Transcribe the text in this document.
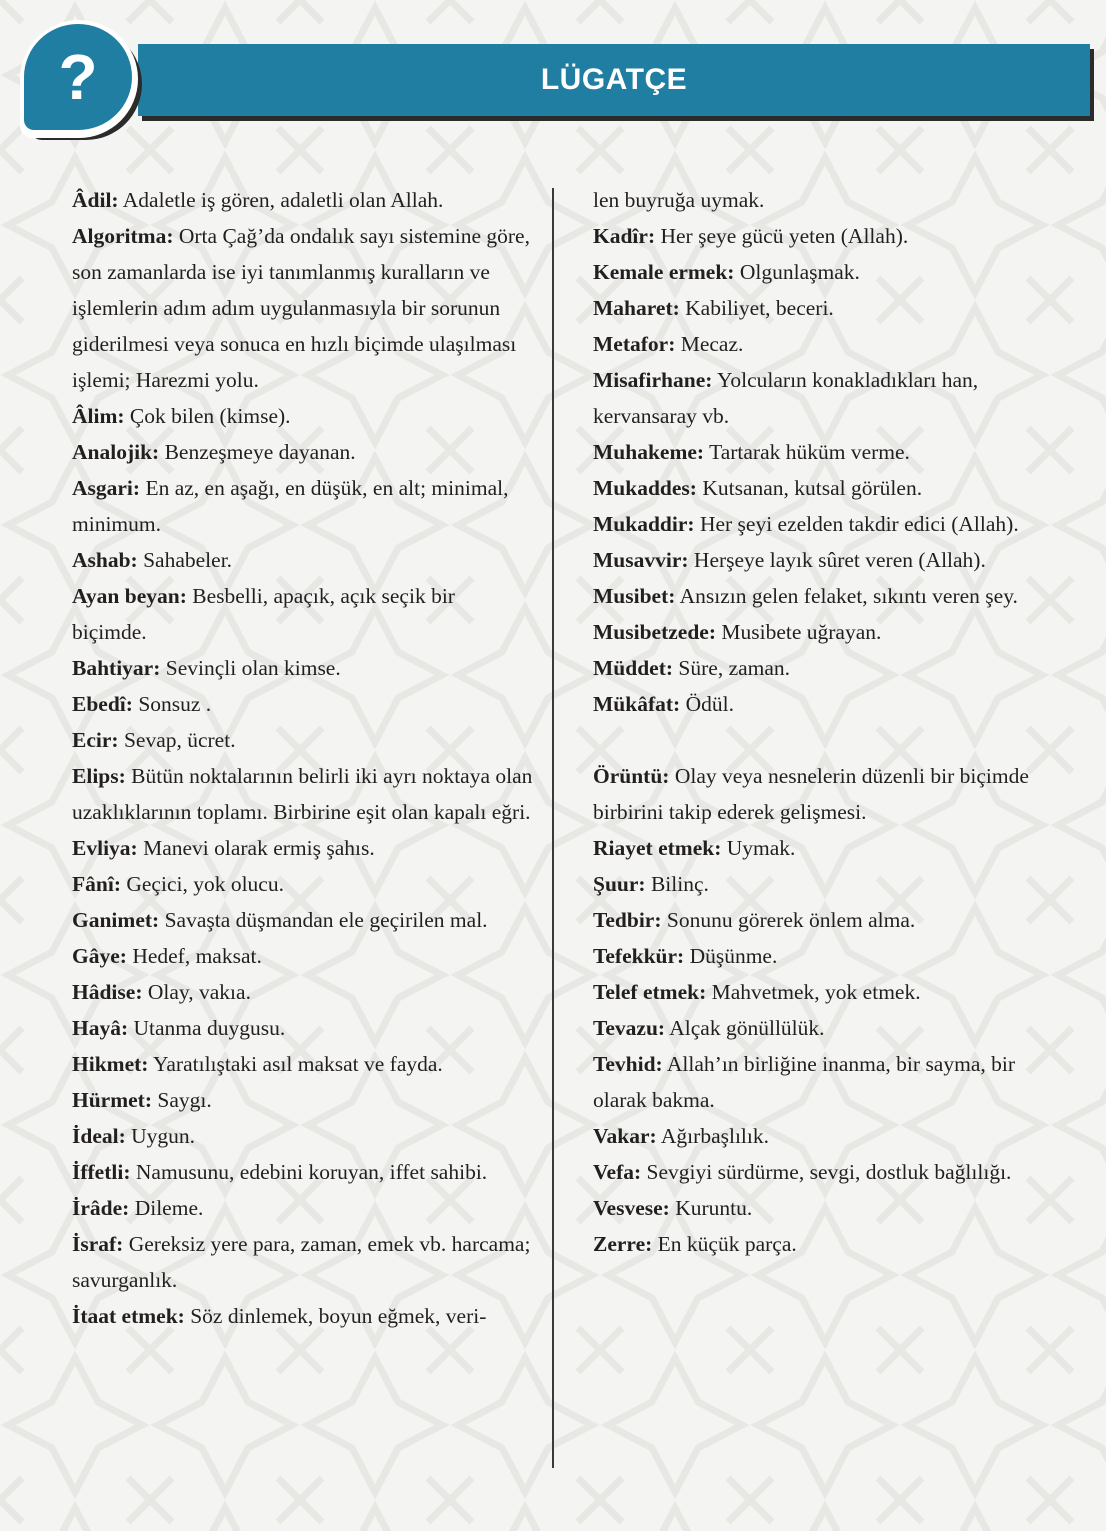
LÜGATÇE
?
Âdil: Adaletle iş gören, adaletli olan Allah.
Algoritma: Orta Çağ’da ondalık sayı sistemine göre, son zamanlarda ise iyi tanımlanmış kuralların ve işlemlerin adım adım uygulanmasıyla bir sorunun giderilmesi veya sonuca en hızlı biçimde ulaşılması işlemi; Harezmi yolu.
Âlim: Çok bilen (kimse).
Analojik: Benzeşmeye dayanan.
Asgari: En az, en aşağı, en düşük, en alt; minimal, minimum.
Ashab: Sahabeler.
Ayan beyan: Besbelli, apaçık, açık seçik bir biçimde.
Bahtiyar: Sevinçli olan kimse.
Ebedî: Sonsuz .
Ecir: Sevap, ücret.
Elips: Bütün noktalarının belirli iki ayrı noktaya olan uzaklıklarının toplamı. Birbirine eşit olan kapalı eğri.
Evliya: Manevi olarak ermiş şahıs.
Fânî: Geçici, yok olucu.
Ganimet: Savaşta düşmandan ele geçirilen mal.
Gâye: Hedef, maksat.
Hâdise: Olay, vakıa.
Hayâ: Utanma duygusu.
Hikmet: Yaratılıştaki asıl maksat ve fayda.
Hürmet: Saygı.
İdeal: Uygun.
İffetli: Namusunu, edebini koruyan, iffet sahibi.
İrâde: Dileme.
İsraf: Gereksiz yere para, zaman, emek vb. harcama; savurganlık.
İtaat etmek: Söz dinlemek, boyun eğmek, veri-
len buyruğa uymak.
Kadîr: Her şeye gücü yeten (Allah).
Kemale ermek: Olgunlaşmak.
Maharet: Kabiliyet, beceri.
Metafor: Mecaz.
Misafirhane: Yolcuların konakladıkları han, kervansaray vb.
Muhakeme: Tartarak hüküm verme.
Mukaddes: Kutsanan, kutsal görülen.
Mukaddir: Her şeyi ezelden takdir edici (Allah).
Musavvir: Herşeye layık sûret veren (Allah).
Musibet: Ansızın gelen felaket, sıkıntı veren şey.
Musibetzede: Musibete uğrayan.
Müddet: Süre, zaman.
Mükâfat: Ödül.
Örüntü: Olay veya nesnelerin düzenli bir biçimde birbirini takip ederek gelişmesi.
Riayet etmek: Uymak.
Şuur: Bilinç.
Tedbir: Sonunu görerek önlem alma.
Tefekkür: Düşünme.
Telef etmek: Mahvetmek, yok etmek.
Tevazu: Alçak gönüllülük.
Tevhid: Allah’ın birliğine inanma, bir sayma, bir olarak bakma.
Vakar: Ağırbaşlılık.
Vefa: Sevgiyi sürdürme, sevgi, dostluk bağlılığı.
Vesvese: Kuruntu.
Zerre: En küçük parça.
